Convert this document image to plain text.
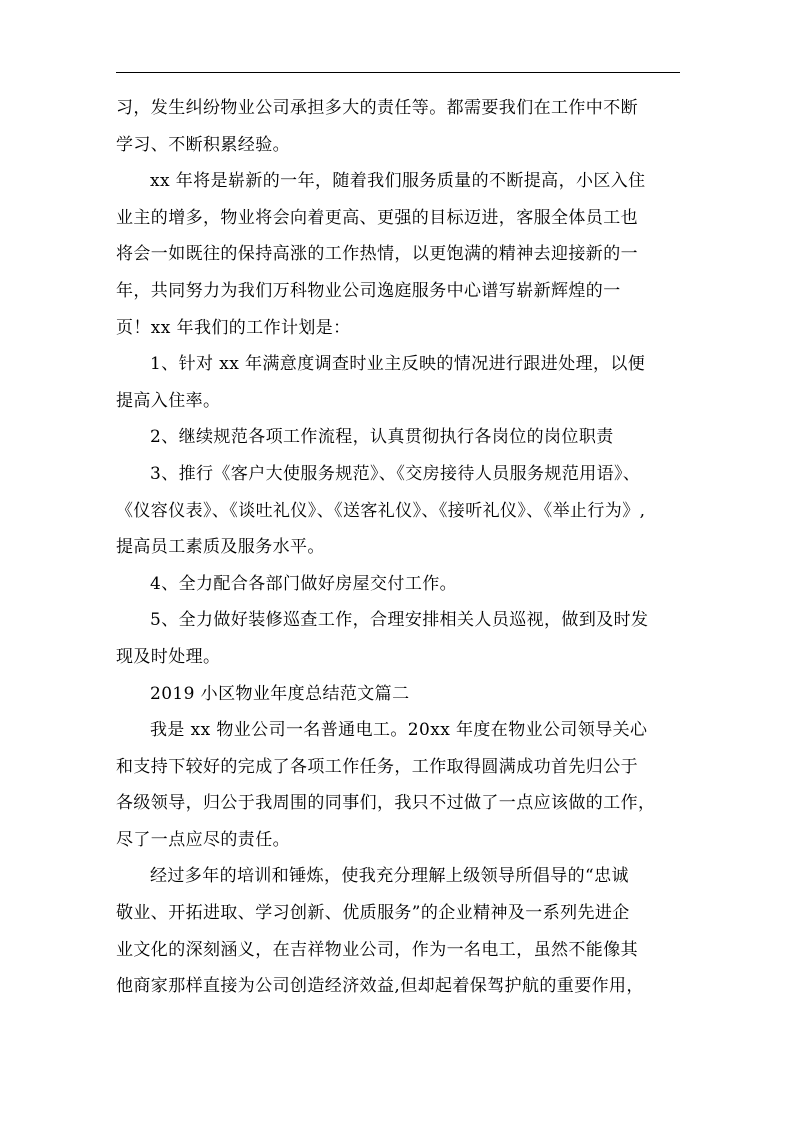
习，发生纠纷物业公司承担多大的责任等。都需要我们在工作中不断
学习、不断积累经验。

xx 年将是崭新的一年，随着我们服务质量的不断提高，小区入住
业主的增多，物业将会向着更高、更强的目标迈进，客服全体员工也
将会一如既往的保持高涨的工作热情，以更饱满的精神去迎接新的一
年，共同努力为我们万科物业公司逸庭服务中心谱写崭新辉煌的一
页！xx 年我们的工作计划是：

1、针对 xx 年满意度调查时业主反映的情况进行跟进处理，以便
提高入住率。

2、继续规范各项工作流程，认真贯彻执行各岗位的岗位职责

3、推行《客户大使服务规范》、《交房接待人员服务规范用语》、
《仪容仪表》、《谈吐礼仪》、《送客礼仪》、《接听礼仪》、《举止行为》,
提高员工素质及服务水平。

4、全力配合各部门做好房屋交付工作。

5、全力做好装修巡查工作，合理安排相关人员巡视，做到及时发
现及时处理。

2019 小区物业年度总结范文篇二

我是 xx 物业公司一名普通电工。20xx 年度在物业公司领导关心
和支持下较好的完成了各项工作任务，工作取得圆满成功首先归公于
各级领导，归公于我周围的同事们，我只不过做了一点应该做的工作，
尽了一点应尽的责任。

经过多年的培训和锤炼，使我充分理解上级领导所倡导的“忠诚
敬业、开拓进取、学习创新、优质服务”的企业精神及一系列先进企
业文化的深刻涵义，在吉祥物业公司，作为一名电工，虽然不能像其
他商家那样直接为公司创造经济效益,但却起着保驾护航的重要作用，
